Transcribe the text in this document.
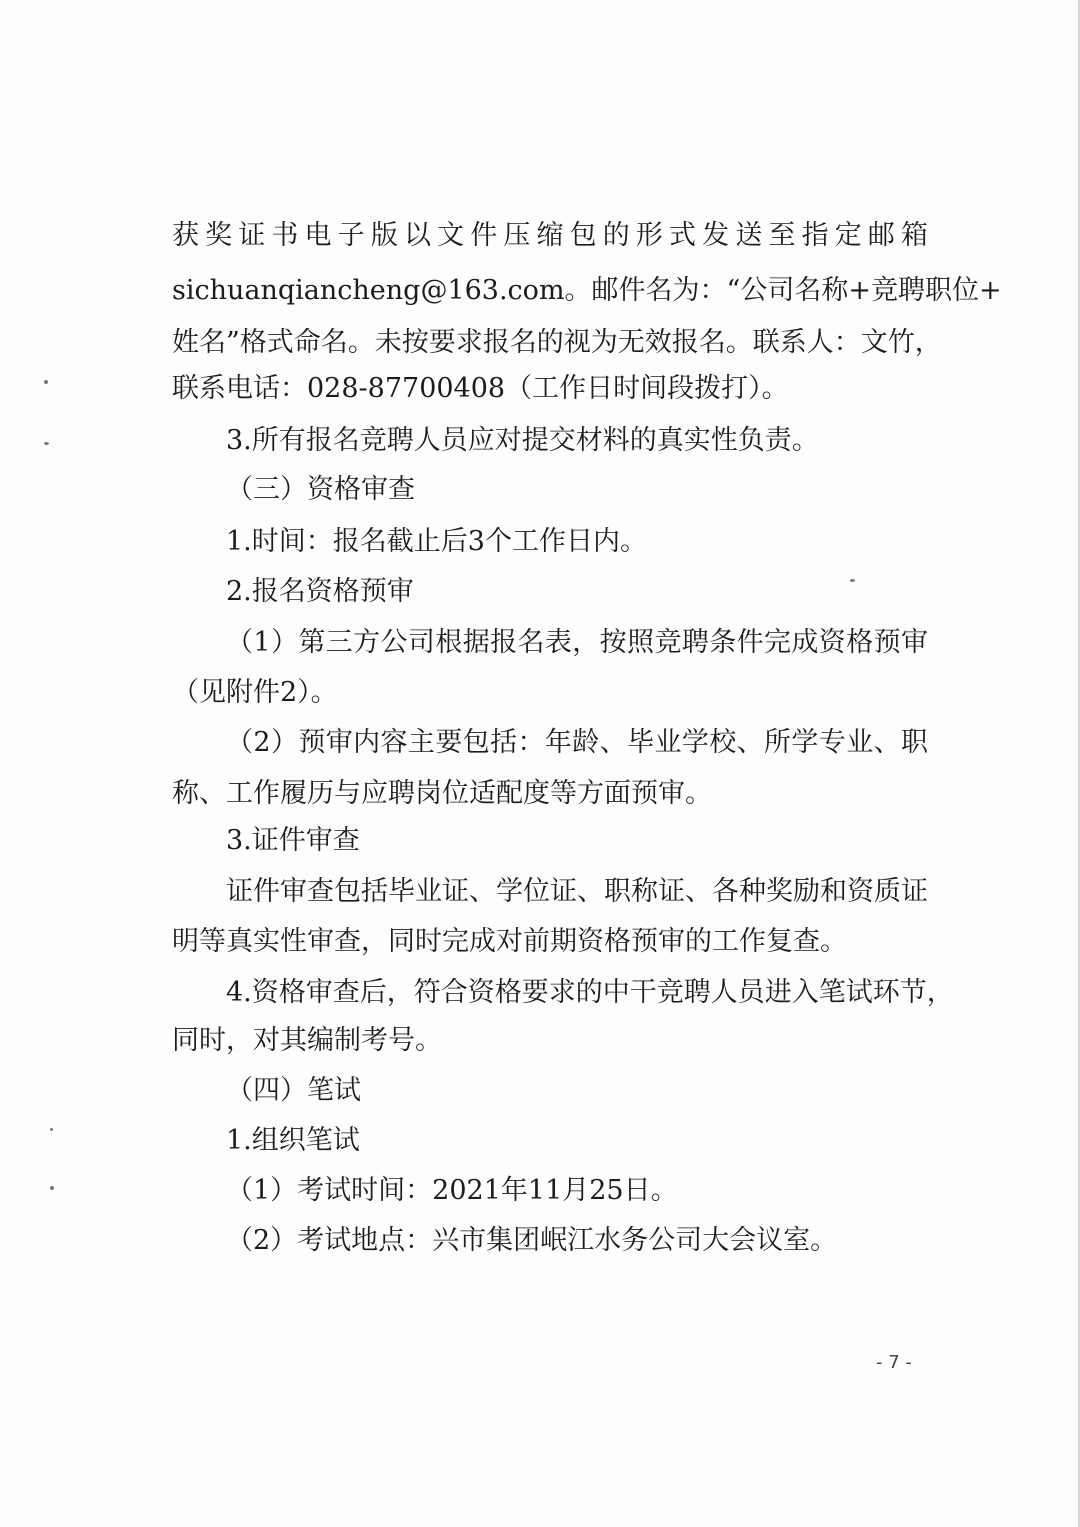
获奖证书电子版以文件压缩包的形式发送至指定邮箱
sichuanqiancheng@163.com。邮件名为：“公司名称+竞聘职位+
姓名”格式命名。未按要求报名的视为无效报名。联系人：文竹，
联系电话：028-87700408（工作日时间段拨打）。
3.所有报名竞聘人员应对提交材料的真实性负责。
（三）资格审查
1.时间：报名截止后3个工作日内。
2.报名资格预审
（1）第三方公司根据报名表，按照竞聘条件完成资格预审
（见附件2）。
（2）预审内容主要包括：年龄、毕业学校、所学专业、职
称、工作履历与应聘岗位适配度等方面预审。
3.证件审查
证件审查包括毕业证、学位证、职称证、各种奖励和资质证
明等真实性审查，同时完成对前期资格预审的工作复查。
4.资格审查后，符合资格要求的中干竞聘人员进入笔试环节，
同时，对其编制考号。
（四）笔试
1.组织笔试
（1）考试时间：2021年11月25日。
（2）考试地点：兴市集团岷江水务公司大会议室。
- 7 -
